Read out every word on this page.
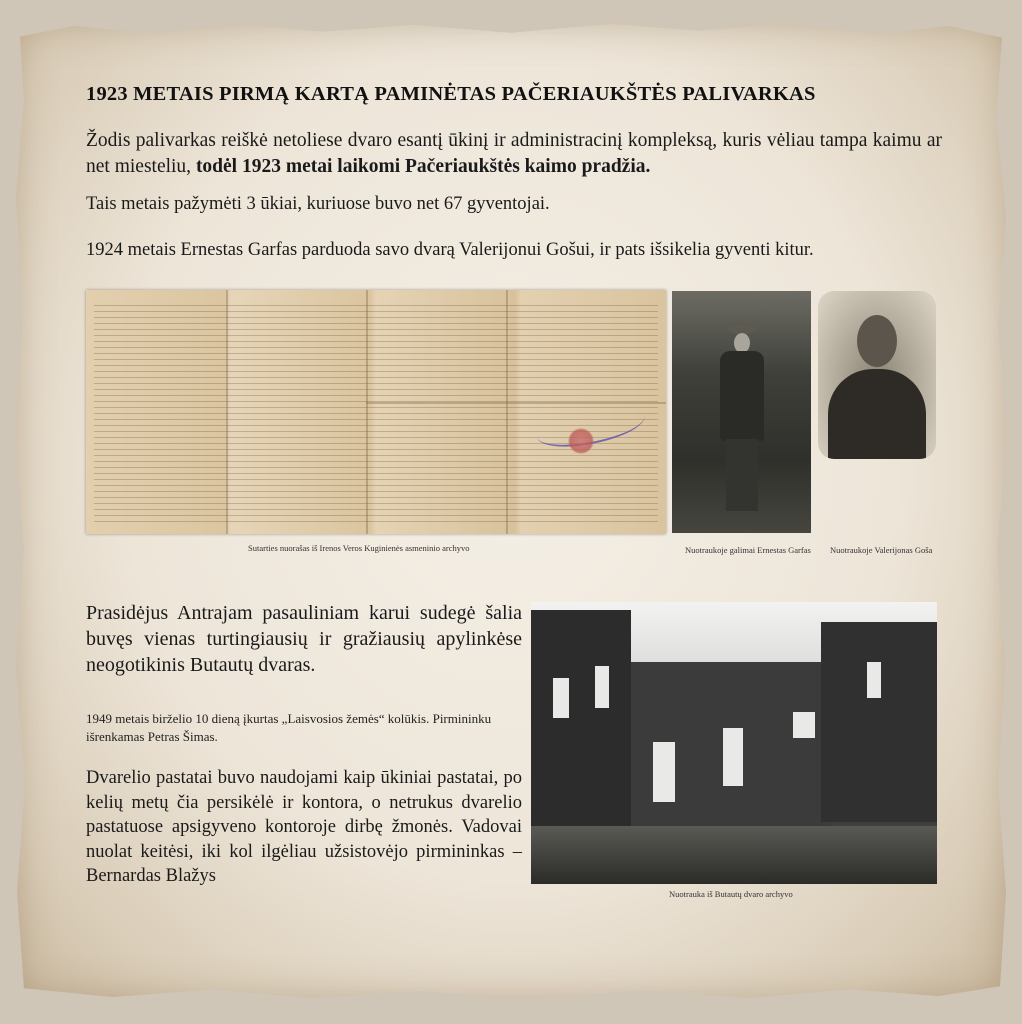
1923 METAIS PIRMĄ KARTĄ PAMINĖTAS PAČERIAUKŠTĖS PALIVARKAS
Žodis palivarkas reiškė netoliese dvaro esantį ūkinį ir administracinį kompleksą, kuris vėliau tampa kaimu ar net miesteliu, todėl 1923 metai laikomi Pačeriaukštės kaimo pradžia.
Tais metais pažymėti 3 ūkiai, kuriuose buvo net 67 gyventojai.
1924 metais Ernestas Garfas parduoda savo dvarą Valerijonui Gošui, ir pats išsikelia gyventi kitur.
Sutarties nuorašas iš Irenos Veros Kuginienės asmeninio archyvo	Nuotraukoje galimai Ernestas Garfas Nuotraukoje Valerijonas Goša
Prasidėjus Antrajam pasauliniam karui sudegė šalia buvęs vienas turtingiausių ir gražiausių apylinkėse neogotikinis Butautų dvaras.
1949 metais birželio 10 dieną įkurtas „Laisvosios žemės“ kolūkis. Pirmininku išrenkamas Petras Šimas.
Dvarelio pastatai buvo naudojami kaip ūkiniai pastatai, po kelių metų čia persikėlė ir kontora, o netrukus dvarelio pastatuose apsigyveno kontoroje dirbę žmonės. Vadovai nuolat keitėsi, iki kol ilgėliau užsistovėjo pirmininkas – Bernardas Blažys
Nuotrauka iš Butautų dvaro archyvo
